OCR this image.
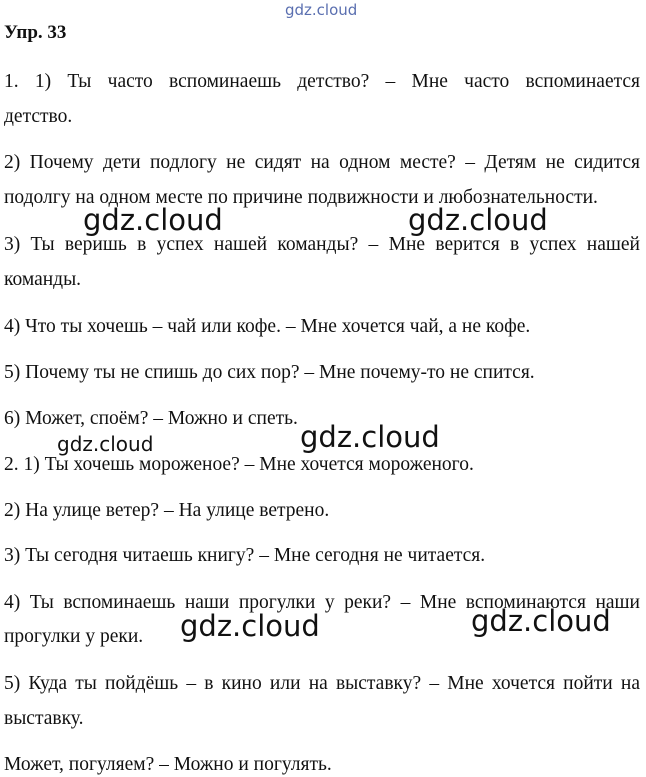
gdz.cloud
Упр. 33
1. 1) Ты часто вспоминаешь детство? – Мне часто вспоминается
детство.
2) Почему дети подлогу не сидят на одном месте? – Детям не сидится
подолгу на одном месте по причине подвижности и любознательности.
3) Ты веришь в успех нашей команды? – Мне верится в успех нашей
команды.
4) Что ты хочешь – чай или кофе. – Мне хочется чай, а не кофе.
5) Почему ты не спишь до сих пор? – Мне почему-то не спится.
6) Может, споём? – Можно и спеть.
2. 1) Ты хочешь мороженое? – Мне хочется мороженого.
2) На улице ветер? – На улице ветрено.
3) Ты сегодня читаешь книгу? – Мне сегодня не читается.
4) Ты вспоминаешь наши прогулки у реки? – Мне вспоминаются наши
прогулки у реки.
5) Куда ты пойдёшь – в кино или на выставку? – Мне хочется пойти на
выставку.
Может, погуляем? – Можно и погулять.
gdz.cloud	gdz.cloud
gdz.cloud	gdz.cloud
gdz.cloud	gdz.cloud
